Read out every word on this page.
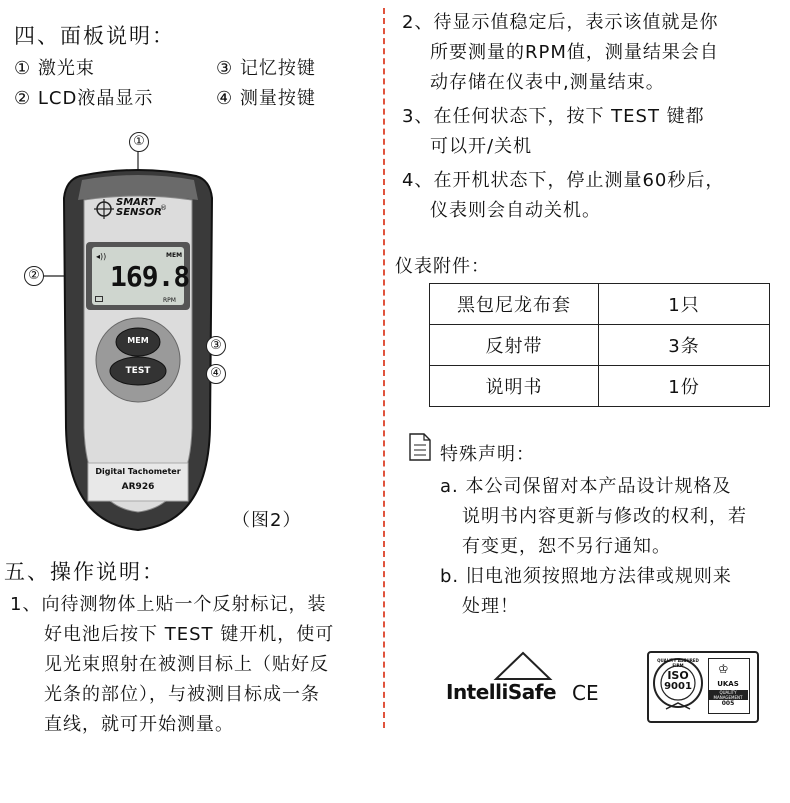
四、面板说明：
① 激光束	③ 记忆按键
② LCD液晶显示	④ 测量按键
SMART
SENSOR
®
◂))	MEM
169.8
RPM
MEM
TEST
Digital Tachometer
AR926
①
②
③
④
（图2）
五、操作说明：
1、向待测物体上贴一个反射标记，装
好电池后按下 TEST 键开机，使可
见光束照射在被测目标上（贴好反
光条的部位），与被测目标成一条
直线，就可开始测量。
2、待显示值稳定后，表示该值就是你
所要测量的RPM值，测量结果会自
动存储在仪表中,测量结束。
3、在任何状态下，按下 TEST 键都
可以开/关机
4、在开机状态下，停止测量60秒后，
仪表则会自动关机。
仪表附件：
黑包尼龙布套	1只
反射带	3条
说明书	1份
特殊声明：
a. 本公司保留对本产品设计规格及
说明书内容更新与修改的权利，若
有变更，恕不另行通知。
b. 旧电池须按照地方法律或规则来
处理！
IntelliSafe CE
QUALITY ASSURED FIRM
ISO
9001
♔
UKAS
QUALITY MANAGEMENT
005
